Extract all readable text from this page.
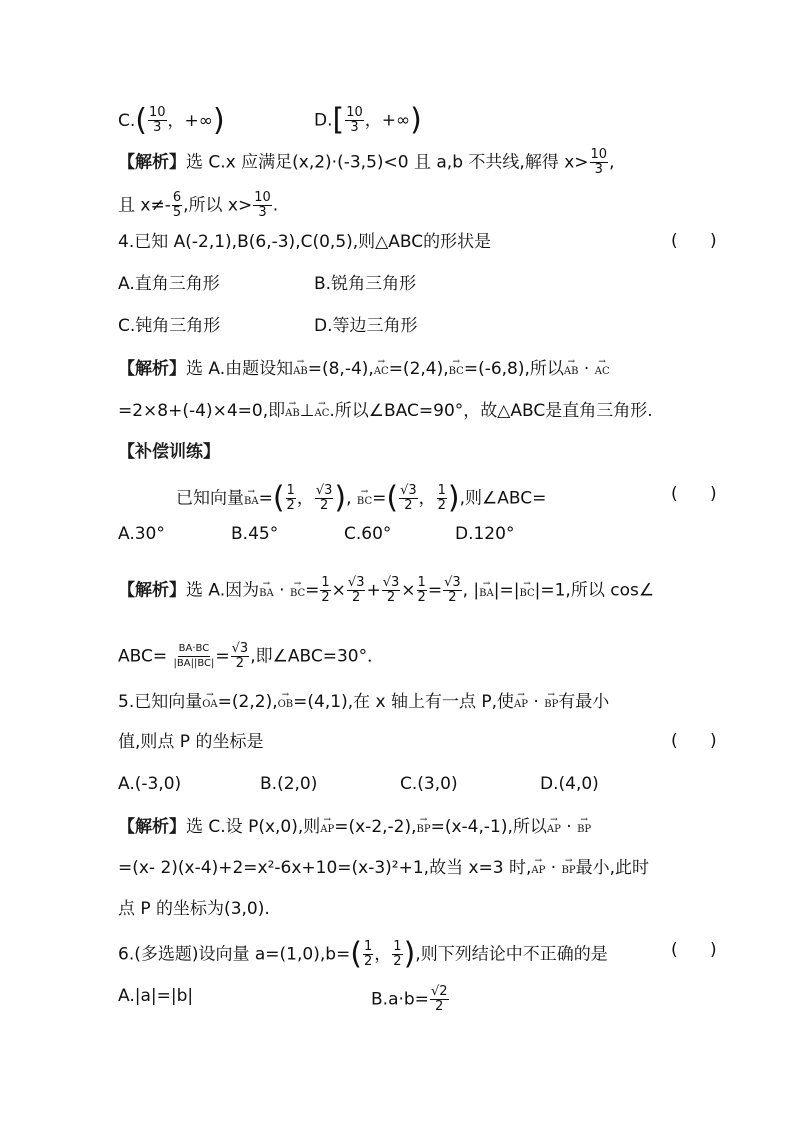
$C.( \frac{10}{3}$ ，+∞)	$D.[ \frac{10}{3}$ ，+∞)
【解析】选 C.x 应满足(x,2)·(-3,5)<0 且 a,b 不共线,解得 $x> \frac{10}{3}$ ,
且 $x\ne- \frac{6}{5}$ ,所以 $x> \frac{10}{3}$ .
4.已知 A(-2,1),B(6,-3),C(0,5),则△ABC的形状是	(      )
A.直角三角形	B.锐角三角形
C.钝角三角形	D.等边三角形
【解析】选 A.由题设知→ AB=(8,-4),→ AC=(2,4),→ BC=(-6,8),所以→ AB · → AC
=2×8+(-4)×4=0,即→ AB⊥→ AC.所以∠BAC=90°，故△ABC是直角三角形.
【补偿训练】
已知向量→ $BA=( \frac{1}{2}$ ， $\frac{√3}{2}$ ), → $BC=( \frac{√3}{2}$ ， $\frac{1}{2}$ ),则∠ABC=	(      )
A.30°	B.45°	C.60°	D.120°
【解析】选 A.因为→ BA · → $BC= \frac{1}{2} \times \frac{√3}{2} + \frac{√3}{2} \times \frac{1}{2} = \frac{√3}{2}$ , |→ BA|=|→ BC|=1,所以 cos∠
$ABC= \frac{BA\cdot BC}{|BA||BC|} = \frac{√3}{2}$ ,即∠ABC=30°．
5.已知向量→ OA=(2,2),→ OB=(4,1),在 x 轴上有一点 P,使→ AP · → BP有最小
值,则点 P 的坐标是	(      )
A.(-3,0)	B.(2,0)	C.(3,0)	D.(4,0)
【解析】选 C.设 P(x,0),则→ AP=(x-2,-2),→ BP=(x-4,-1),所以→ AP · → BP
=(x- 2)(x-4)+2=x²-6x+10=(x-3)²+1,故当 x=3 时,→ AP · → BP最小,此时
点 P 的坐标为(3,0).
6.(多选题)设向量 $a=(1,0),b=( \frac{1}{2}$ ， $\frac{1}{2}$ ),则下列结论中不正确的是	(      )
A.|a|=|b|	$B.a\cdot b= \frac{√2}{2}$
